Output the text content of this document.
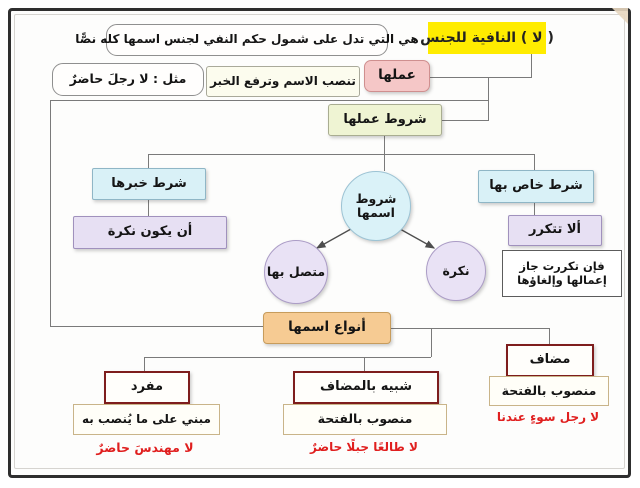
( لا ) النافية للجنس
هي التي تدل على شمول حكم النفي لجنس اسمها كله نصًّا
عملها
تنصب الاسم وترفع الخبر
مثل : لا رجلَ حاضرٌ
شروط عملها
شرط خبرها
أن يكون نكرة
شروط اسمها
متصل بها	نكرة
شرط خاص بها
ألا تتكرر
فإن تكررت جاز إعمالها وإلغاؤها
أنواع اسمها
مفرد
مبني على ما يُنصب به
لا مهندسَ حاضرٌ
شبيه بالمضاف
منصوب بالفتحة
لا طالعًا جبلًا حاضرٌ
مضاف
منصوب بالفتحة
لا رجل سوءٍ عندنا
